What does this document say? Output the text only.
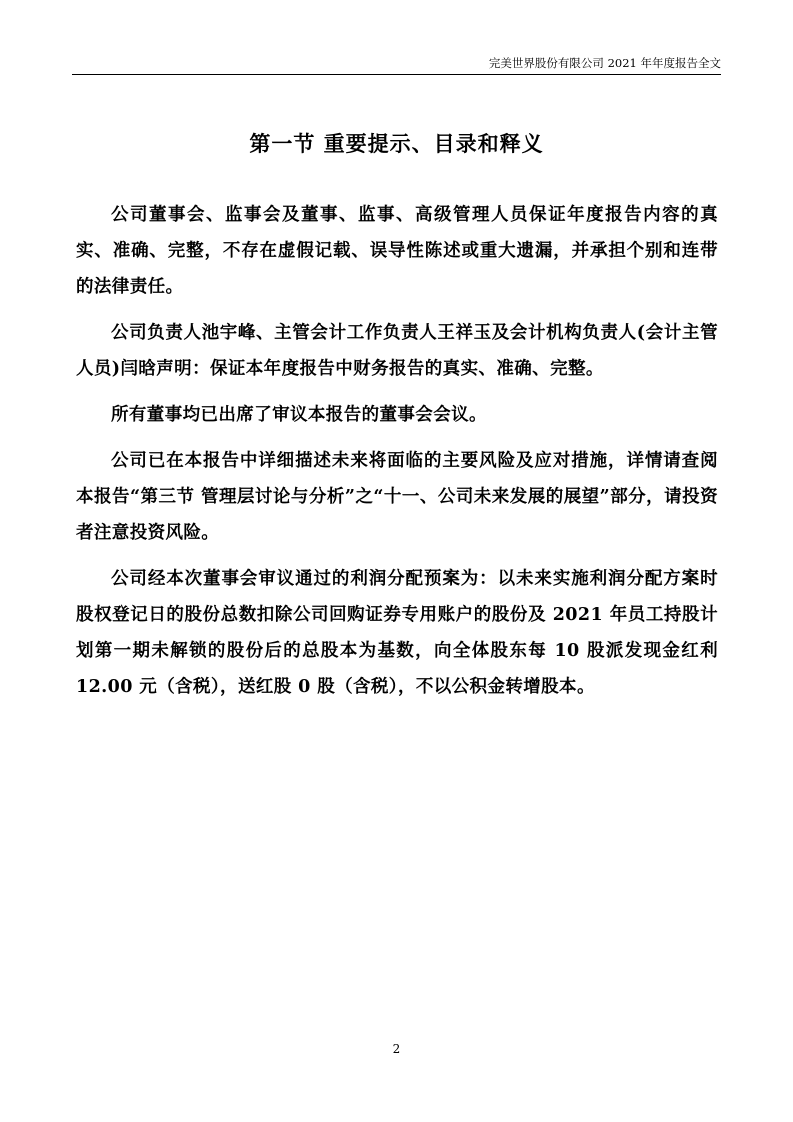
完美世界股份有限公司 2021 年年度报告全文
第一节 重要提示、目录和释义

公司董事会、监事会及董事、监事、高级管理人员保证年度报告内容的真实、准确、完整，不存在虚假记载、误导性陈述或重大遗漏，并承担个别和连带的法律责任。

公司负责人池宇峰、主管会计工作负责人王祥玉及会计机构负责人(会计主管人员)闫晗声明：保证本年度报告中财务报告的真实、准确、完整。

所有董事均已出席了审议本报告的董事会会议。

公司已在本报告中详细描述未来将面临的主要风险及应对措施，详情请查阅本报告“第三节 管理层讨论与分析”之“十一、公司未来发展的展望”部分，请投资者注意投资风险。

公司经本次董事会审议通过的利润分配预案为：以未来实施利润分配方案时股权登记日的股份总数扣除公司回购证券专用账户的股份及 2021 年员工持股计划第一期未解锁的股份后的总股本为基数，向全体股东每 10 股派发现金红利 12.00 元（含税），送红股 0 股（含税），不以公积金转增股本。

2
